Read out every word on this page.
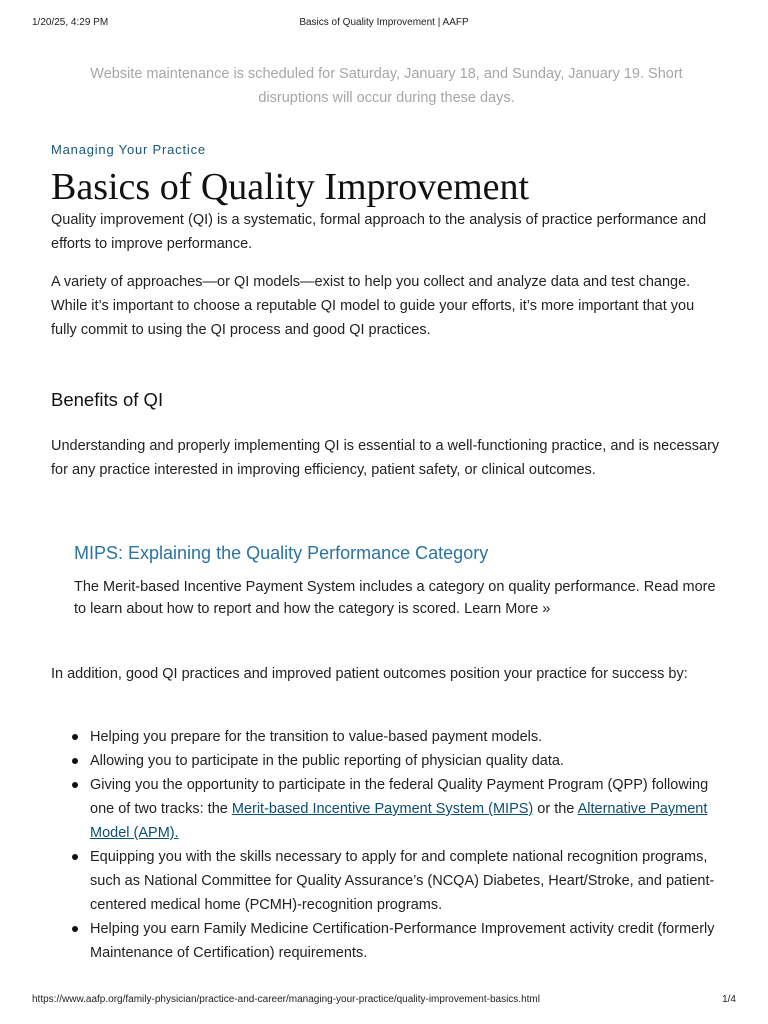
1/20/25, 4:29 PM	Basics of Quality Improvement | AAFP
Website maintenance is scheduled for Saturday, January 18, and Sunday, January 19. Short disruptions will occur during these days.
Managing Your Practice
Basics of Quality Improvement

Quality improvement (QI) is a systematic, formal approach to the analysis of practice performance and efforts to improve performance.

A variety of approaches—or QI models—exist to help you collect and analyze data and test change. While it’s important to choose a reputable QI model to guide your efforts, it’s more important that you fully commit to using the QI process and good QI practices.

Benefits of QI

Understanding and properly implementing QI is essential to a well-functioning practice, and is necessary for any practice interested in improving efficiency, patient safety, or clinical outcomes.

MIPS: Explaining the Quality Performance Category

The Merit-based Incentive Payment System includes a category on quality performance. Read more to learn about how to report and how the category is scored. Learn More »

In addition, good QI practices and improved patient outcomes position your practice for success by:

Helping you prepare for the transition to value-based payment models.
Allowing you to participate in the public reporting of physician quality data.
Giving you the opportunity to participate in the federal Quality Payment Program (QPP) following one of two tracks: the Merit-based Incentive Payment System (MIPS) or the Alternative Payment Model (APM).
Equipping you with the skills necessary to apply for and complete national recognition programs, such as National Committee for Quality Assurance’s (NCQA) Diabetes, Heart/Stroke, and patient-centered medical home (PCMH)-recognition programs.
Helping you earn Family Medicine Certification-Performance Improvement activity credit (formerly Maintenance of Certification) requirements.
https://www.aafp.org/family-physician/practice-and-career/managing-your-practice/quality-improvement-basics.html	1/4
